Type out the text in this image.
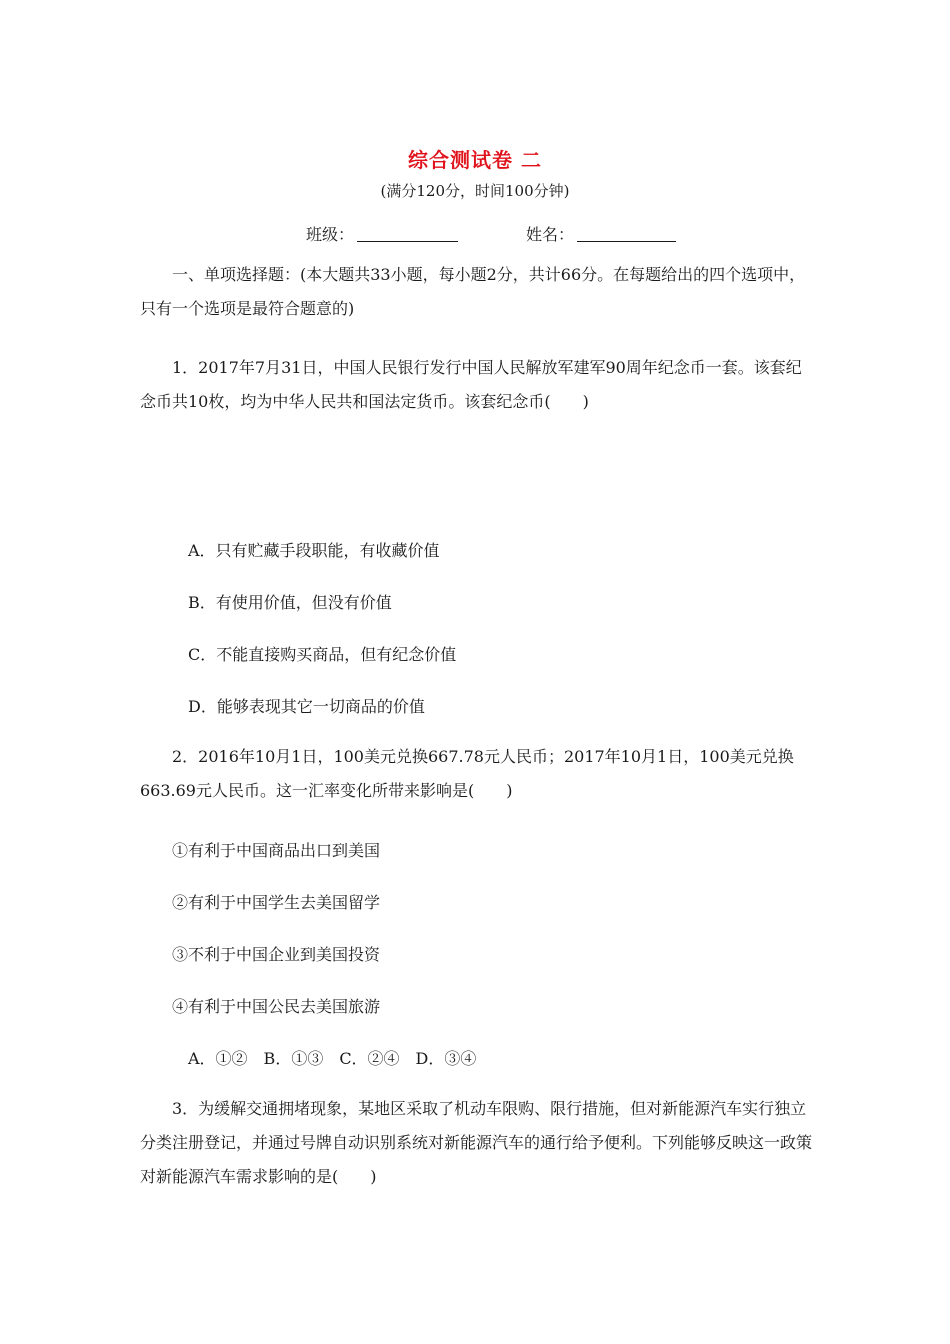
综合测试卷 二
(满分120分，时间100分钟)
班级：	姓名：
一、单项选择题：(本大题共33小题，每小题2分，共计66分。在每题给出的四个选项中，只有一个选项是最符合题意的)
1．2017年7月31日，中国人民银行发行中国人民解放军建军90周年纪念币一套。该套纪念币共10枚，均为中华人民共和国法定货币。该套纪念币(　　)
A．只有贮藏手段职能，有收藏价值
B．有使用价值，但没有价值
C．不能直接购买商品，但有纪念价值
D．能够表现其它一切商品的价值
2．2016年10月1日，100美元兑换667.78元人民币；2017年10月1日，100美元兑换663.69元人民币。这一汇率变化所带来影响是(　　)
①有利于中国商品出口到美国
②有利于中国学生去美国留学
③不利于中国企业到美国投资
④有利于中国公民去美国旅游
A．①②　B．①③　C．②④　D．③④
3．为缓解交通拥堵现象，某地区采取了机动车限购、限行措施，但对新能源汽车实行独立分类注册登记，并通过号牌自动识别系统对新能源汽车的通行给予便利。下列能够反映这一政策对新能源汽车需求影响的是(　　)
